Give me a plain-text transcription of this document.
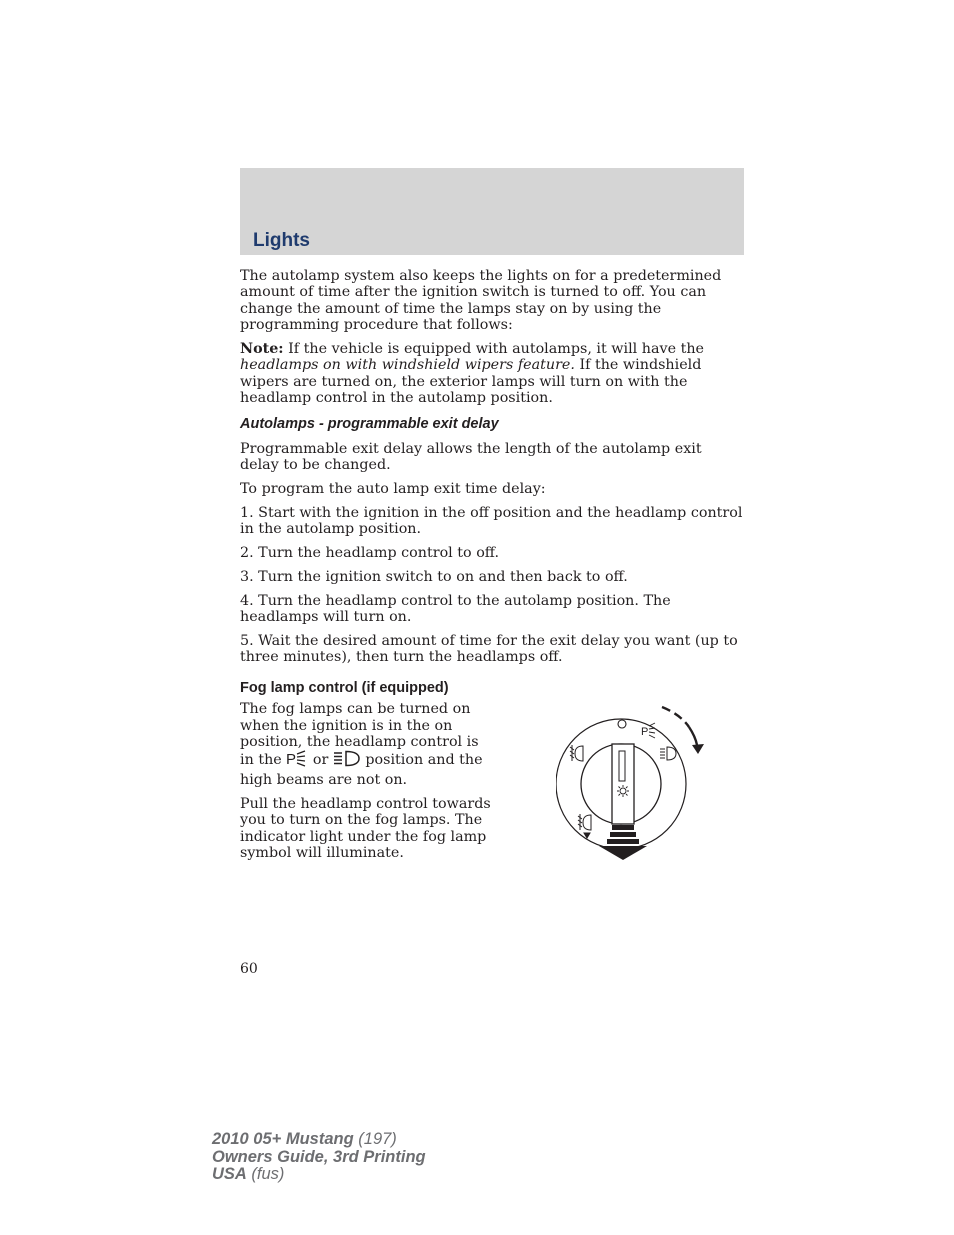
Lights

The autolamp system also keeps the lights on for a predetermined amount of time after the ignition switch is turned to off. You can change the amount of time the lamps stay on by using the programming procedure that follows:

Note: If the vehicle is equipped with autolamps, it will have the headlamps on with windshield wipers feature. If the windshield wipers are turned on, the exterior lamps will turn on with the headlamp control in the autolamp position.

Autolamps - programmable exit delay

Programmable exit delay allows the length of the autolamp exit delay to be changed.

To program the auto lamp exit time delay:

1. Start with the ignition in the off position and the headlamp control in the autolamp position.

2. Turn the headlamp control to off.

3. Turn the ignition switch to on and then back to off.

4. Turn the headlamp control to the autolamp position. The headlamps will turn on.

5. Wait the desired amount of time for the exit delay you want (up to three minutes), then turn the headlamps off.

Fog lamp control (if equipped)

The fog lamps can be turned on when the ignition is in the on position, the headlamp control is in the P or  position and the high beams are not on.

Pull the headlamp control towards you to turn on the fog lamps. The indicator light under the fog lamp symbol will illuminate.

P
60
2010 05+ Mustang (197)
Owners Guide, 3rd Printing
USA (fus)
